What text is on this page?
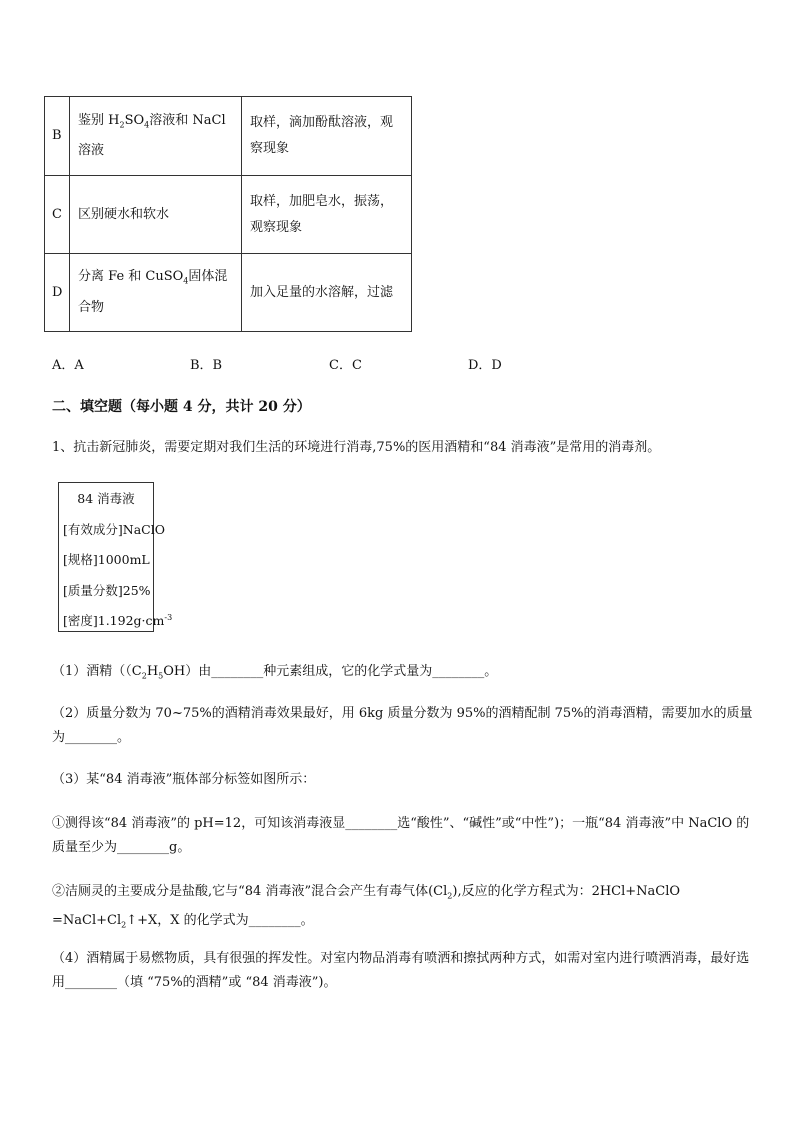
B	鉴别 $H_2SO_4$溶液和 NaCl 溶液	取样，滴加酚酞溶液，观察现象
C	区别硬水和软水	取样，加肥皂水，振荡，观察现象
D	分离 Fe 和 CuSO$_4$固体混合物	加入足量的水溶解，过滤
A．A	B．B	C．C	D．D
二、填空题（每小题 4 分，共计 20 分）
1、抗击新冠肺炎，需要定期对我们生活的环境进行消毒,75%的医用酒精和“84 消毒液”是常用的消毒剂。
84 消毒液
[有效成分]NaClO
[规格]1000mL
[质量分数]25%
[密度]$1.192g\cdot cm^{-3}$
（1）酒精（$(C_2H_5OH)$由________种元素组成，它的化学式量为________。
（2）质量分数为 70~75%的酒精消毒效果最好，用 6kg 质量分数为 95%的酒精配制 75%的消毒酒精，需要加水的质量为________。
（3）某“84 消毒液”瓶体部分标签如图所示：
①测得该“84 消毒液”的 pH=12，可知该消毒液显________选“酸性”、“碱性”或“中性”)；一瓶“84 消毒液”中 NaClO 的质量至少为________g。
②洁厕灵的主要成分是盐酸,它与“84 消毒液”混合会产生有毒气体$(Cl_2)$,反应的化学方程式为：2HCl+NaClO $=NaCl+Cl_2↑+X$，X 的化学式为________。
（4）酒精属于易燃物质，具有很强的挥发性。对室内物品消毒有喷洒和擦拭两种方式，如需对室内进行喷洒消毒，最好选用________（填 “75%的酒精”或 “84 消毒液”)。
